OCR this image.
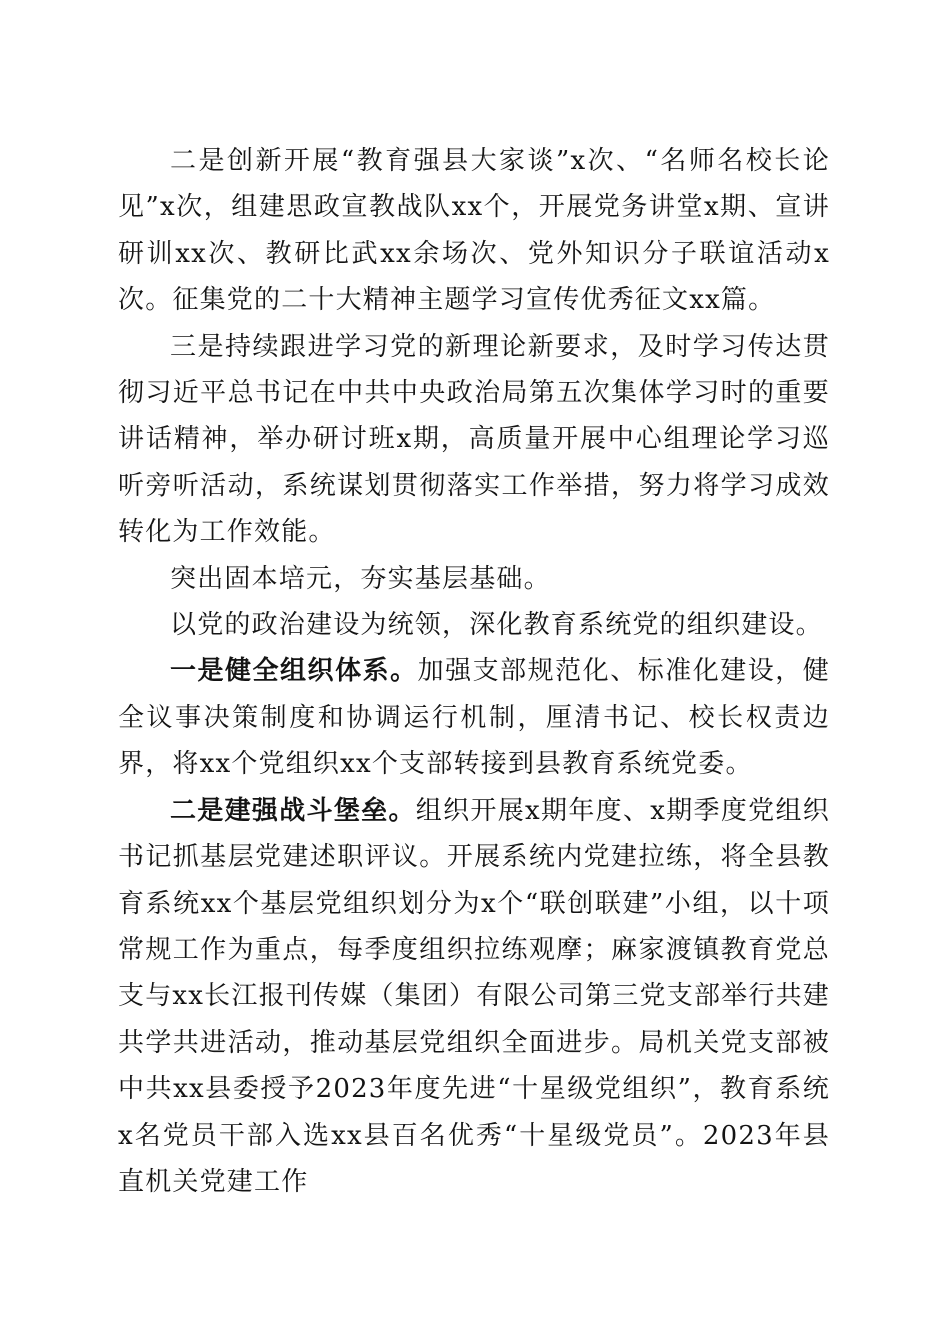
二是创新开展“教育强县大家谈”x次、“名师名校长论见”x次，组建思政宣教战队xx个，开展党务讲堂x期、宣讲研训xx次、教研比武xx余场次、党外知识分子联谊活动x次。征集党的二十大精神主题学习宣传优秀征文xx篇。

三是持续跟进学习党的新理论新要求，及时学习传达贯彻习近平总书记在中共中央政治局第五次集体学习时的重要讲话精神，举办研讨班x期，高质量开展中心组理论学习巡听旁听活动，系统谋划贯彻落实工作举措，努力将学习成效转化为工作效能。

突出固本培元，夯实基层基础。

以党的政治建设为统领，深化教育系统党的组织建设。

一是健全组织体系。加强支部规范化、标准化建设，健全议事决策制度和协调运行机制，厘清书记、校长权责边界，将xx个党组织xx个支部转接到县教育系统党委。

二是建强战斗堡垒。组织开展x期年度、x期季度党组织书记抓基层党建述职评议。开展系统内党建拉练，将全县教育系统xx个基层党组织划分为x个“联创联建”小组，以十项常规工作为重点，每季度组织拉练观摩；麻家渡镇教育党总支与xx长江报刊传媒（集团）有限公司第三党支部举行共建共学共进活动，推动基层党组织全面进步。局机关党支部被中共xx县委授予2023年度先进“十星级党组织”，教育系统x名党员干部入选xx县百名优秀“十星级党员”。2023年县直机关党建工作
